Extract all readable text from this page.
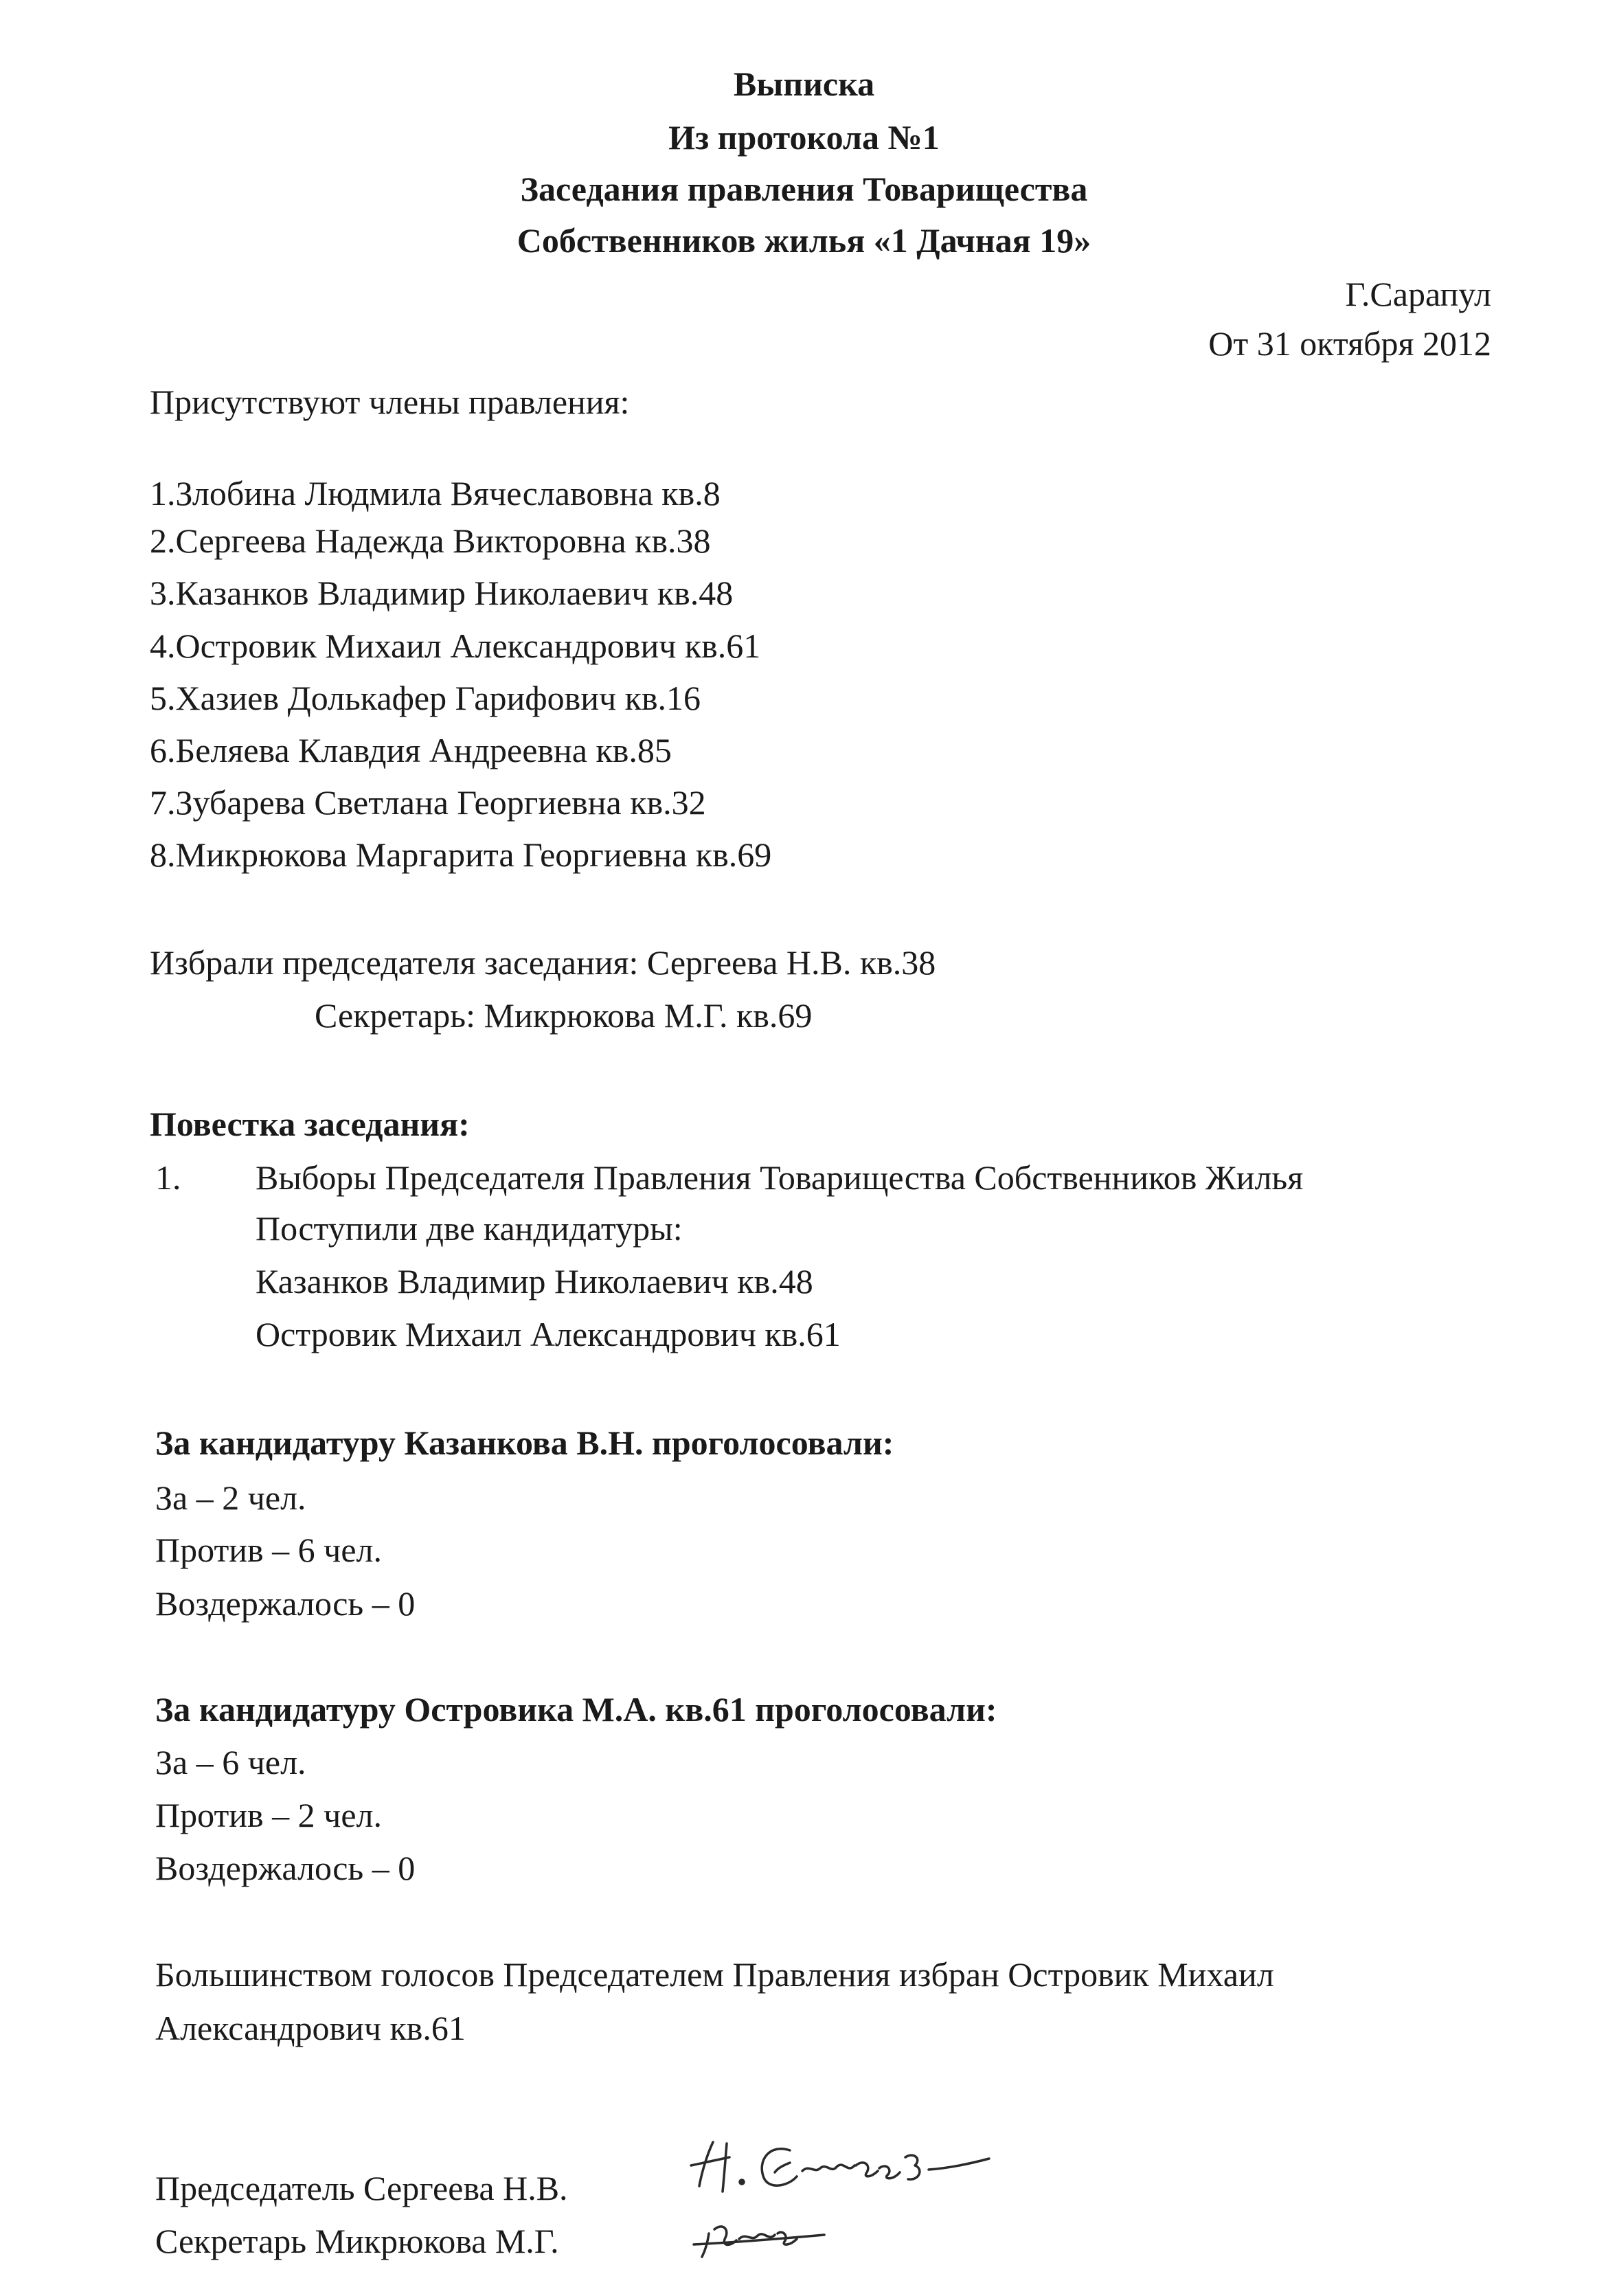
Выписка
Из протокола №1
Заседания правления Товарищества
Собственников жилья «1 Дачная 19»
Г.Сарапул
От 31 октября 2012
Присутствуют члены правления:
1.Злобина Людмила Вячеславовна кв.8
2.Сергеева Надежда Викторовна кв.38
3.Казанков Владимир Николаевич кв.48
4.Островик Михаил Александрович кв.61
5.Хазиев Долькафер Гарифович кв.16
6.Беляева Клавдия Андреевна кв.85
7.Зубарева Светлана Георгиевна кв.32
8.Микрюкова Маргарита Георгиевна кв.69
Избрали председателя заседания: Сергеева Н.В. кв.38
Секретарь: Микрюкова М.Г. кв.69
Повестка заседания:
1. Выборы Председателя Правления Товарищества Собственников Жилья
Поступили две кандидатуры:
Казанков Владимир Николаевич кв.48
Островик Михаил Александрович кв.61
За кандидатуру Казанкова В.Н. проголосовали:
За – 2 чел.
Против – 6 чел.
Воздержалось – 0
За кандидатуру Островика М.А. кв.61 проголосовали:
За – 6 чел.
Против – 2 чел.
Воздержалось – 0
Большинством голосов Председателем Правления избран Островик Михаил
Александрович кв.61
Председатель Сергеева Н.В.
Секретарь Микрюкова М.Г.
